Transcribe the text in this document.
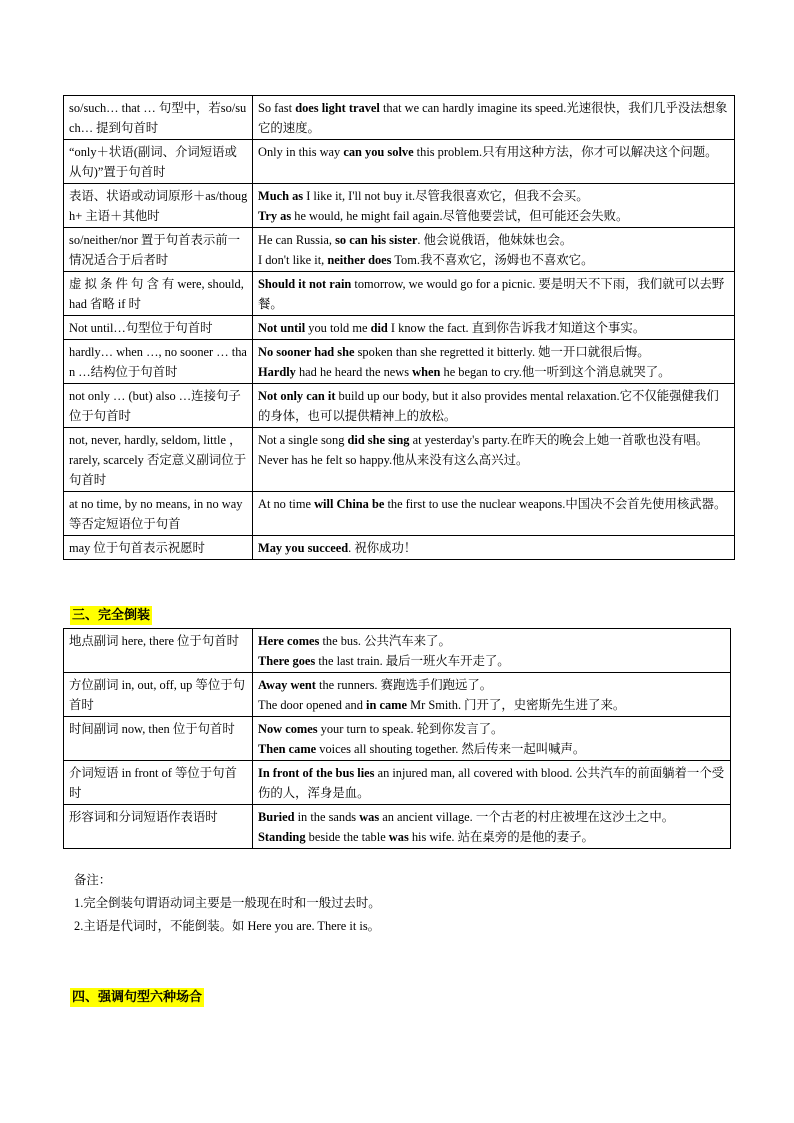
so/such… that … 句型中，若so/such… 提到句首时	So fast does light travel that we can hardly imagine its speed.光速很快，我们几乎没法想象它的速度。

“only＋状语(副词、介词短语或从句)”置于句首时	Only in this way can you solve this problem.只有用这种方法，你才可以解决这个问题。

表语、状语或动词原形＋as/though+ 主语＋其他时	Much as I like it, I'll not buy it.尽管我很喜欢它，但我不会买。
Try as he would, he might fail again.尽管他要尝试，但可能还会失败。

so/neither/nor 置于句首表示前一情况适合于后者时	He can Russia, so can his sister. 他会说俄语，他妹妹也会。
I don't like it, neither does Tom.我不喜欢它，汤姆也不喜欢它。

虚 拟 条 件 句 含 有 were, should, had 省略 if 时	Should it not rain tomorrow, we would go for a picnic. 要是明天不下雨，我们就可以去野餐。

Not until…句型位于句首时	Not until you told me did I know the fact. 直到你告诉我才知道这个事实。

hardly… when …, no sooner … than …结构位于句首时	No sooner had she spoken than she regretted it bitterly. 她一开口就很后悔。
Hardly had he heard the news when he began to cry.他一听到这个消息就哭了。

not only … (but) also …连接句子位于句首时	Not only can it build up our body, but it also provides mental relaxation.它不仅能强健我们的身体，也可以提供精神上的放松。

not, never, hardly, seldom, little ， rarely, scarcely 否定意义副词位于句首时	Not a single song did she sing at yesterday's party.在昨天的晚会上她一首歌也没有唱。
Never has he felt so happy.他从来没有这么高兴过。

at no time, by no means, in no way 等否定短语位于句首	At no time will China be the first to use the nuclear weapons.中国决不会首先使用核武器。

may 位于句首表示祝愿时	May you succeed. 祝你成功！
三、完全倒装
地点副词 here, there 位于句首时	Here comes the bus. 公共汽车来了。
There goes the last train. 最后一班火车开走了。

方位副词 in, out, off, up 等位于句首时	Away went the runners. 赛跑选手们跑远了。
The door opened and in came Mr Smith. 门开了，史密斯先生进了来。

时间副词 now, then 位于句首时	Now comes your turn to speak. 轮到你发言了。
Then came voices all shouting together. 然后传来一起叫喊声。

介词短语 in front of 等位于句首时	In front of the bus lies an injured man, all covered with blood. 公共汽车的前面躺着一个受伤的人，浑身是血。

形容词和分词短语作表语时	Buried in the sands was an ancient village. 一个古老的村庄被埋在这沙土之中。
Standing beside the table was his wife. 站在桌旁的是他的妻子。
备注：
1.完全倒装句谓语动词主要是一般现在时和一般过去时。
2.主语是代词时，不能倒装。如 Here you are. There it is。
四、强调句型六种场合
